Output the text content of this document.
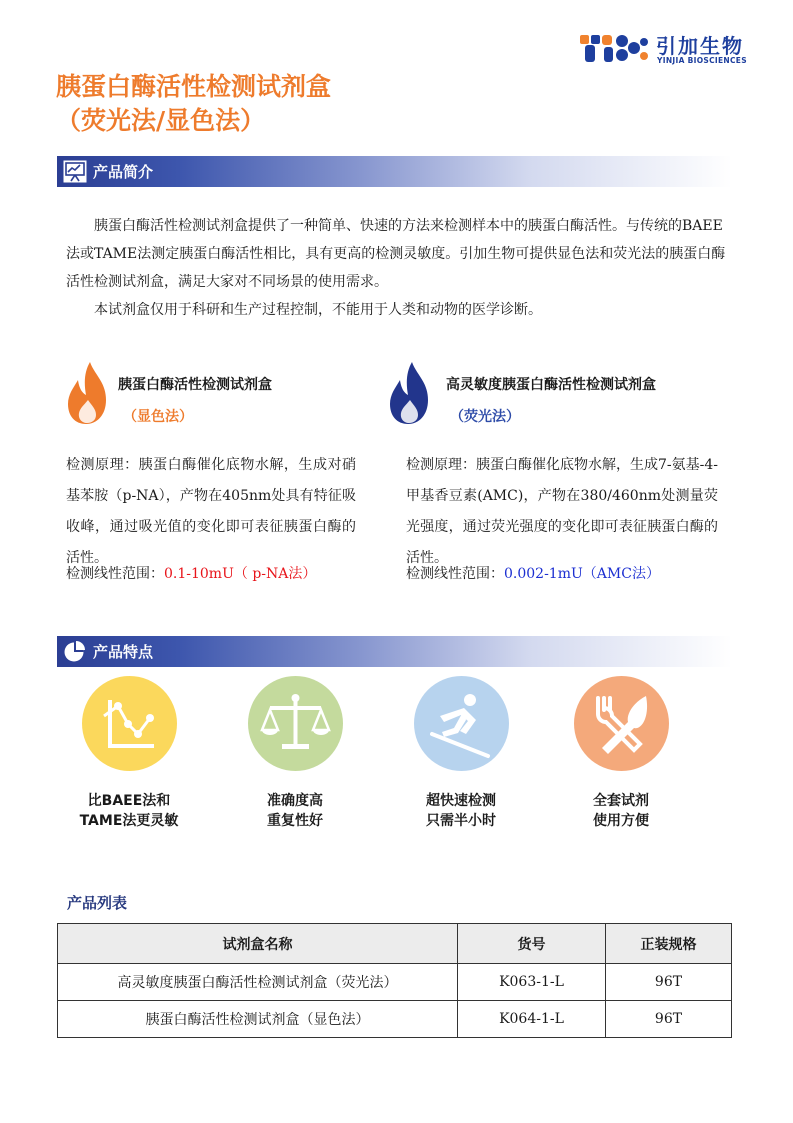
引加生物
YINJIA BIOSCIENCES
胰蛋白酶活性检测试剂盒
（荧光法/显色法）
产品简介

胰蛋白酶活性检测试剂盒提供了一种简单、快速的方法来检测样本中的胰蛋白酶活性。与传统的BAEE法或TAME法测定胰蛋白酶活性相比，具有更高的检测灵敏度。引加生物可提供显色法和荧光法的胰蛋白酶活性检测试剂盒，满足大家对不同场景的使用需求。

本试剂盒仅用于科研和生产过程控制，不能用于人类和动物的医学诊断。

胰蛋白酶活性检测试剂盒
（显色法）
检测原理：胰蛋白酶催化底物水解，生成对硝基苯胺（p-NA），产物在405nm处具有特征吸收峰，通过吸光值的变化即可表征胰蛋白酶的活性。
检测线性范围：0.1-10mU（ p-NA法）
高灵敏度胰蛋白酶活性检测试剂盒
（荧光法）
检测原理：胰蛋白酶催化底物水解，生成7-氨基-4-甲基香豆素(AMC)，产物在380/460nm处测量荧光强度，通过荧光强度的变化即可表征胰蛋白酶的活性。
检测线性范围：0.002-1mU（AMC法）
产品特点
比BAEE法和
TAME法更灵敏
准确度高
重复性好
超快速检测
只需半小时
全套试剂
使用方便
产品列表
试剂盒名称	货号	正装规格
高灵敏度胰蛋白酶活性检测试剂盒（荧光法）	K063-1-L	96T
胰蛋白酶活性检测试剂盒（显色法）	K064-1-L	96T
